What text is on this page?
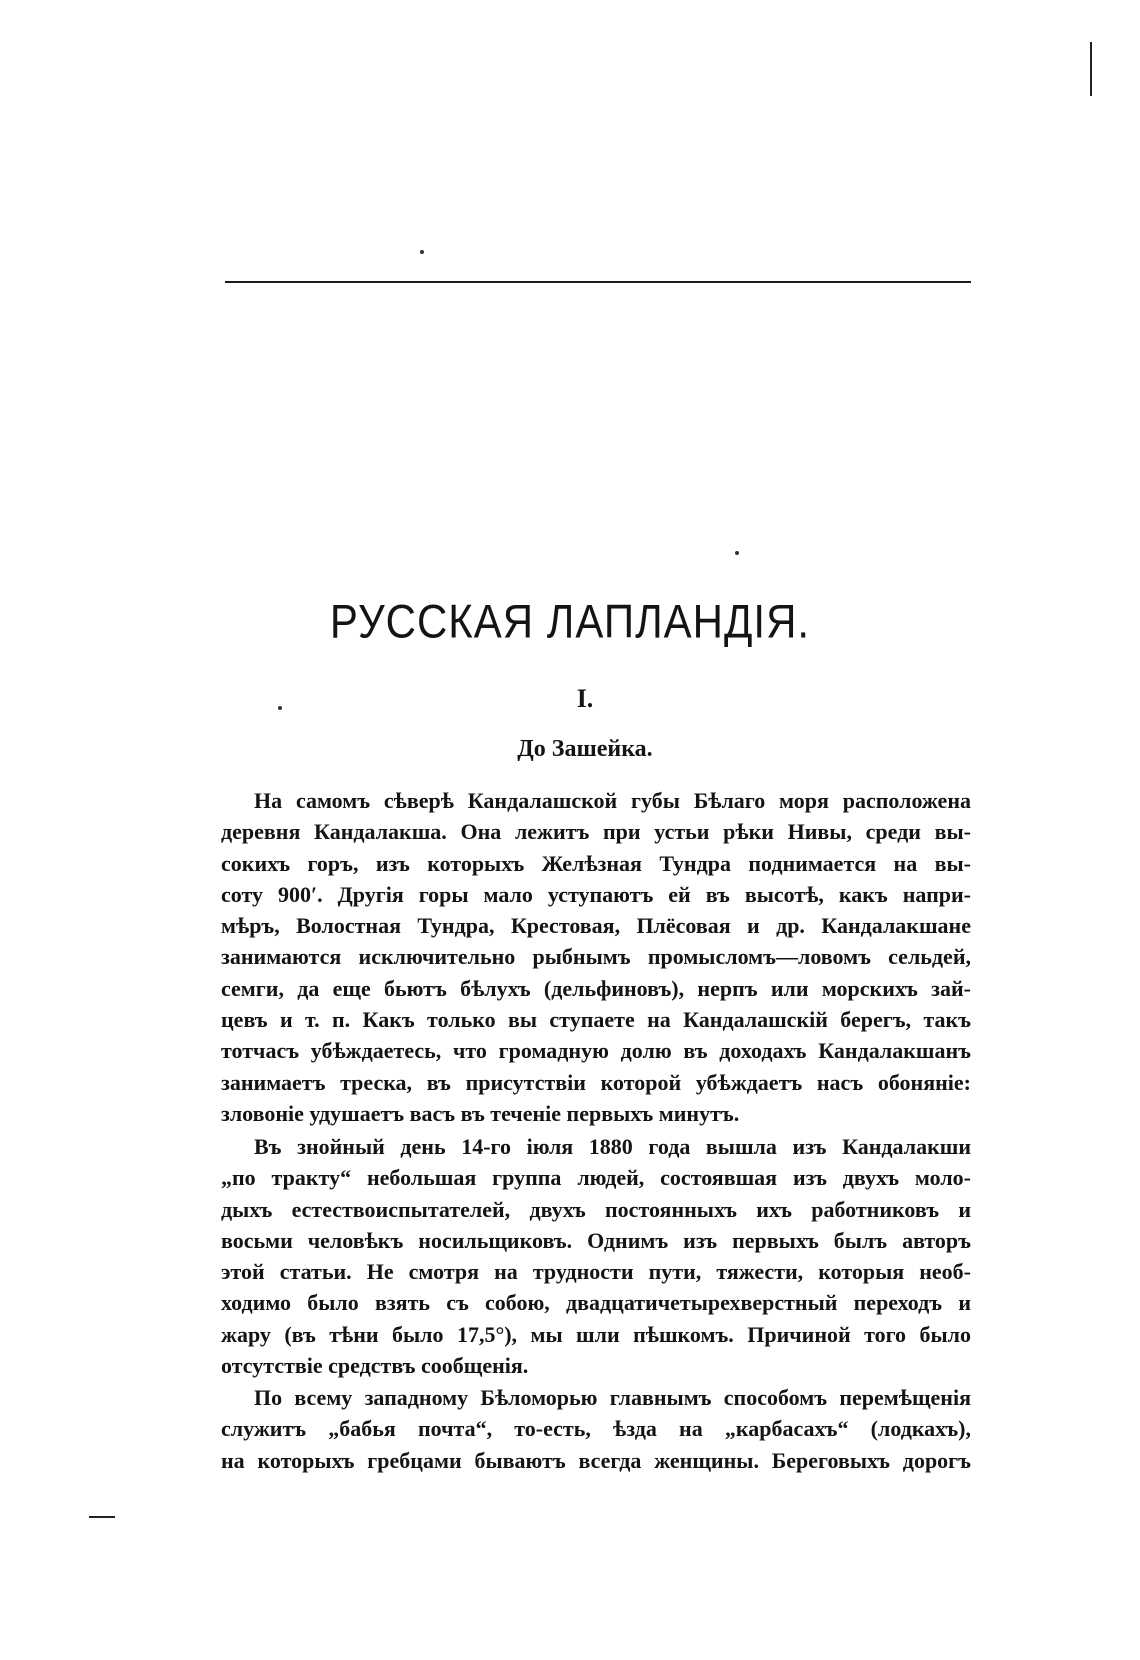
РУССКАЯ ЛАПЛАНДІЯ.
I.
До Зашейка.
На самомъ сѣверѣ Кандалашской губы Бѣлаго моря расположена
деревня Кандалакша. Она лежитъ при устьи рѣки Нивы, среди вы-
сокихъ горъ, изъ которыхъ Желѣзная Тундра поднимается на вы-
соту 900′. Другія горы мало уступаютъ ей въ высотѣ, какъ напри-
мѣръ, Волостная Тундра, Крестовая, Плёсовая и др. Кандалакшане
занимаются исключительно рыбнымъ промысломъ—ловомъ сельдей,
семги, да еще бьютъ бѣлухъ (дельфиновъ), нерпъ или морскихъ зай-
цевъ и т. п. Какъ только вы ступаете на Кандалашскій берегъ, такъ
тотчасъ убѣждаетесь, что громадную долю въ доходахъ Кандалакшанъ
занимаетъ треска, въ присутствіи которой убѣждаетъ насъ обоняніе:
зловоніе удушаетъ васъ въ теченіе первыхъ минутъ.
Въ знойный день 14-го іюля 1880 года вышла изъ Кандалакши
„по тракту“ небольшая группа людей, состоявшая изъ двухъ моло-
дыхъ естествоиспытателей, двухъ постоянныхъ ихъ работниковъ и
восьми человѣкъ носильщиковъ. Однимъ изъ первыхъ былъ авторъ
этой статьи. Не смотря на трудности пути, тяжести, которыя необ-
ходимо было взять съ собою, двадцатичетырехверстный переходъ и
жару (въ тѣни было 17,5°), мы шли пѣшкомъ. Причиной того было
отсутствіе средствъ сообщенія.
По всему западному Бѣломорью главнымъ способомъ перемѣщенія
служитъ „бабья почта“, то-есть, ѣзда на „карбасахъ“ (лодкахъ),
на которыхъ гребцами бываютъ всегда женщины. Береговыхъ дорогъ
